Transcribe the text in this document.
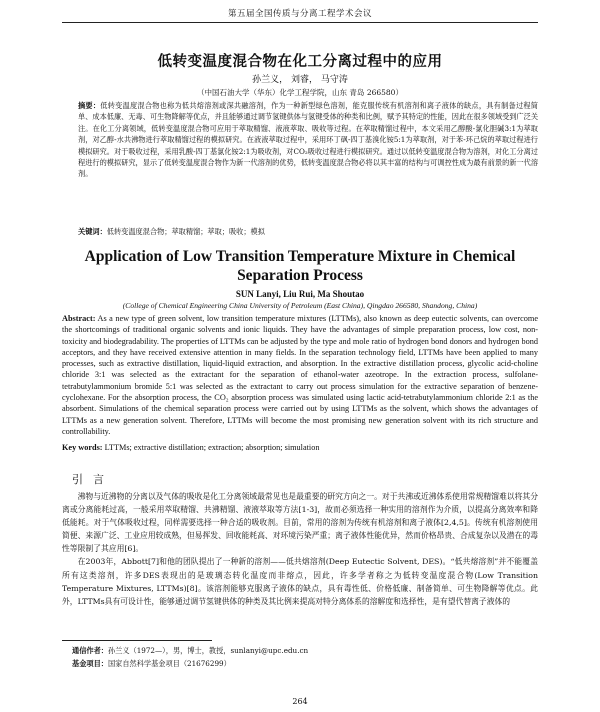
第五届全国传质与分离工程学术会议
低转变温度混合物在化工分离过程中的应用
孙兰义， 刘睿， 马守涛
（中国石油大学（华东）化学工程学院，山东 青岛 266580）
摘要：低转变温度混合物也称为低共熔溶剂或深共融溶剂，作为一种新型绿色溶剂，能克服传统有机溶剂和离子液体的缺点，具有制备过程简单、成本低廉、无毒、可生物降解等优点，并且能够通过调节氢键供体与氢键受体的种类和比例，赋予其特定的性能，因此在很多领域受到广泛关注。在化工分离领域，低转变温度混合物可应用于萃取精馏、液液萃取、吸收等过程。在萃取精馏过程中，本文采用乙醇酸-氯化胆碱3:1为萃取剂，对乙醇-水共沸物进行萃取精馏过程的模拟研究。在液液萃取过程中，采用环丁砜-四丁基溴化铵5:1为萃取剂，对于苯-环己烷的萃取过程进行模拟研究。对于吸收过程，采用乳酸-四丁基氯化铵2:1为吸收剂，对CO₂吸收过程进行模拟研究。通过以低转变温度混合物为溶剂，对化工分离过程进行的模拟研究，显示了低转变温度混合物作为新一代溶剂的优势，低转变温度混合物必将以其丰富的结构与可调控性成为最有前景的新一代溶剂。
关键词：低转变温度混合物；萃取精馏；萃取；吸收；模拟
Application of Low Transition Temperature Mixture in Chemical Separation Process
SUN Lanyi, Liu Rui, Ma Shoutao
(College of Chemical Engineering China University of Petroleum (East China), Qingdao 266580, Shandong, China)
Abstract: As a new type of green solvent, low transition temperature mixtures (LTTMs), also known as deep eutectic solvents, can overcome the shortcomings of traditional organic solvents and ionic liquids. They have the advantages of simple preparation process, low cost, non-toxicity and biodegradability. The properties of LTTMs can be adjusted by the type and mole ratio of hydrogen bond donors and hydrogen bond acceptors, and they have received extensive attention in many fields. In the separation technology field, LTTMs have been applied to many processes, such as extractive distillation, liquid-liquid extraction, and absorption. In the extractive distillation process, glycolic acid-choline chloride 3:1 was selected as the extractant for the separation of ethanol-water azeotrope. In the extraction process, sulfolane-tetrabutylammonium bromide 5:1 was selected as the extractant to carry out process simulation for the extractive separation of benzene-cyclohexane. For the absorption process, the CO₂ absorption process was simulated using lactic acid-tetrabutylammonium chloride 2:1 as the absorbent. Simulations of the chemical separation process were carried out by using LTTMs as the solvent, which shows the advantages of LTTMs as a new generation solvent. Therefore, LTTMs will become the most promising new generation solvent with its rich structure and controllability.
Key words: LTTMs; extractive distillation; extraction; absorption; simulation
引言

沸物与近沸物的分离以及气体的吸收是化工分离领域最常见也是最重要的研究方向之一。对于共沸或近沸体系使用常规精馏难以将其分离或分离能耗过高，一般采用萃取精馏、共沸精馏、液液萃取等方法[1-3]，故而必须选择一种实用的溶剂作为介质，以提高分离效率和降低能耗。对于气体吸收过程，同样需要选择一种合适的吸收剂。目前，常用的溶剂为传统有机溶剂和离子液体[2,4,5]。传统有机溶剂使用简便、来源广泛、工业应用较成熟，但易挥发、回收能耗高、对环境污染严重；离子液体性能优异，然而价格昂贵、合成复杂以及潜在的毒性等限制了其应用[6]。

在2003年，Abbott[7]和他的团队提出了一种新的溶剂——低共熔溶剂(Deep Eutectic Solvent, DES)。“低共熔溶剂”并不能覆盖所有这类溶剂，许多DES表现出的是玻璃态转化温度而非熔点，因此，许多学者称之为低转变温度混合物(Low Transition Temperature Mixtures, LTTMs)[8]。该溶剂能够克服离子液体的缺点，具有毒性低、价格低廉、制备简单、可生物降解等优点。此外，LTTMs具有可设计性，能够通过调节氢键供体的种类及其比例来提高对特分离体系的溶解度和选择性，是有望代替离子液体的

通信作者：孙兰义（1972—），男，博士，教授，sunlanyi@upc.edu.cn
基金项目：国家自然科学基金项目（21676299）
264
